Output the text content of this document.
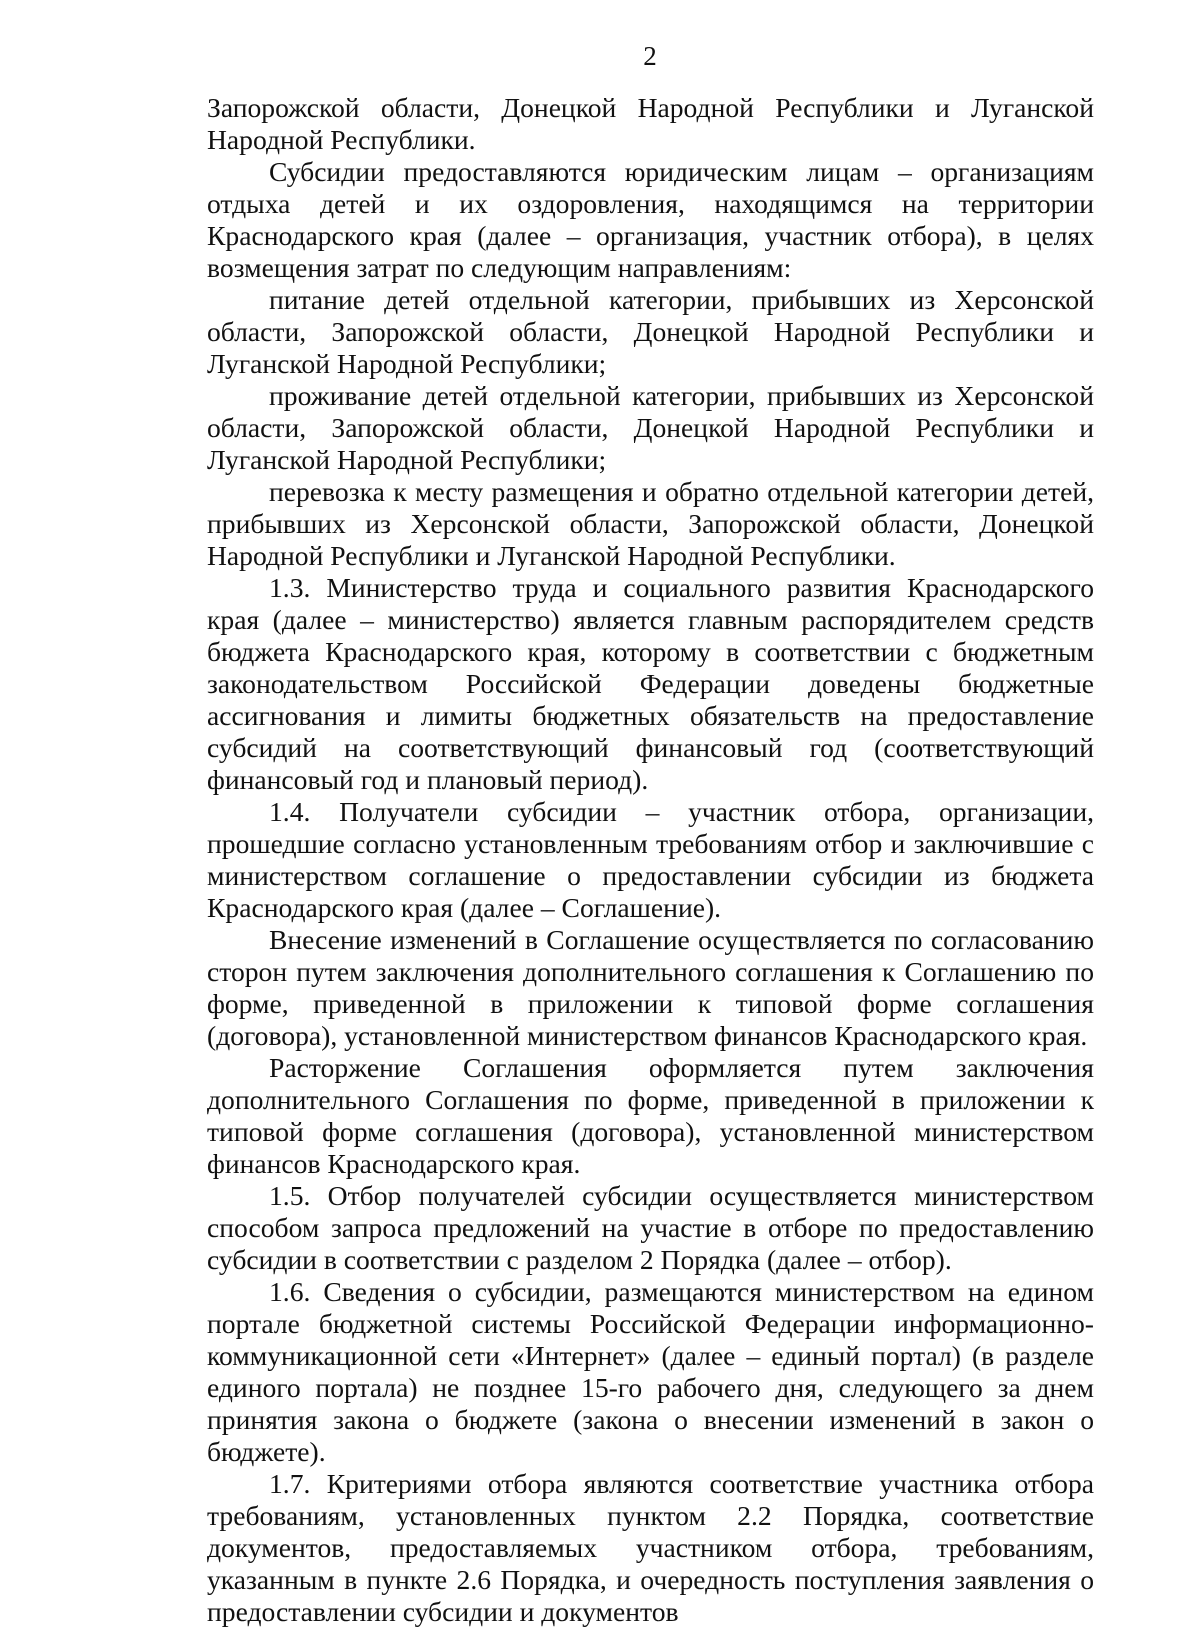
2

Запорожской области, Донецкой Народной Республики и Луганской Народной Республики.

Субсидии предоставляются юридическим лицам – организациям отдыха детей и их оздоровления, находящимся на территории Краснодарского края (далее – организация, участник отбора), в целях возмещения затрат по следующим направлениям:

питание детей отдельной категории, прибывших из Херсонской области, Запорожской области, Донецкой Народной Республики и Луганской Народной Республики;

проживание детей отдельной категории, прибывших из Херсонской области, Запорожской области, Донецкой Народной Республики и Луганской Народной Республики;

перевозка к месту размещения и обратно отдельной категории детей, прибывших из Херсонской области, Запорожской области, Донецкой Народной Республики и Луганской Народной Республики.

1.3. Министерство труда и социального развития Краснодарского края (далее – министерство) является главным распорядителем средств бюджета Краснодарского края, которому в соответствии с бюджетным законодательством Российской Федерации доведены бюджетные ассигнования и лимиты бюджетных обязательств на предоставление субсидий на соответствующий финансовый год (соответствующий финансовый год и плановый период).

1.4. Получатели субсидии – участник отбора, организации, прошедшие согласно установленным требованиям отбор и заключившие с министерством соглашение о предоставлении субсидии из бюджета Краснодарского края (далее – Соглашение).

Внесение изменений в Соглашение осуществляется по согласованию сторон путем заключения дополнительного соглашения к Соглашению по форме, приведенной в приложении к типовой форме соглашения (договора), установленной министерством финансов Краснодарского края.

Расторжение Соглашения оформляется путем заключения дополнительного Соглашения по форме, приведенной в приложении к типовой форме соглашения (договора), установленной министерством финансов Краснодарского края.

1.5. Отбор получателей субсидии осуществляется министерством способом запроса предложений на участие в отборе по предоставлению субсидии в соответствии с разделом 2 Порядка (далее – отбор).

1.6. Сведения о субсидии, размещаются министерством на едином портале бюджетной системы Российской Федерации информационно-коммуникационной сети «Интернет» (далее – единый портал) (в разделе единого портала) не позднее 15-го рабочего дня, следующего за днем принятия закона о бюджете (закона о внесении изменений в закон о бюджете).

1.7. Критериями отбора являются соответствие участника отбора требованиям, установленных пунктом 2.2 Порядка, соответствие документов, предоставляемых участником отбора, требованиям, указанным в пункте 2.6 Порядка, и очередность поступления заявления о предоставлении субсидии и документов
